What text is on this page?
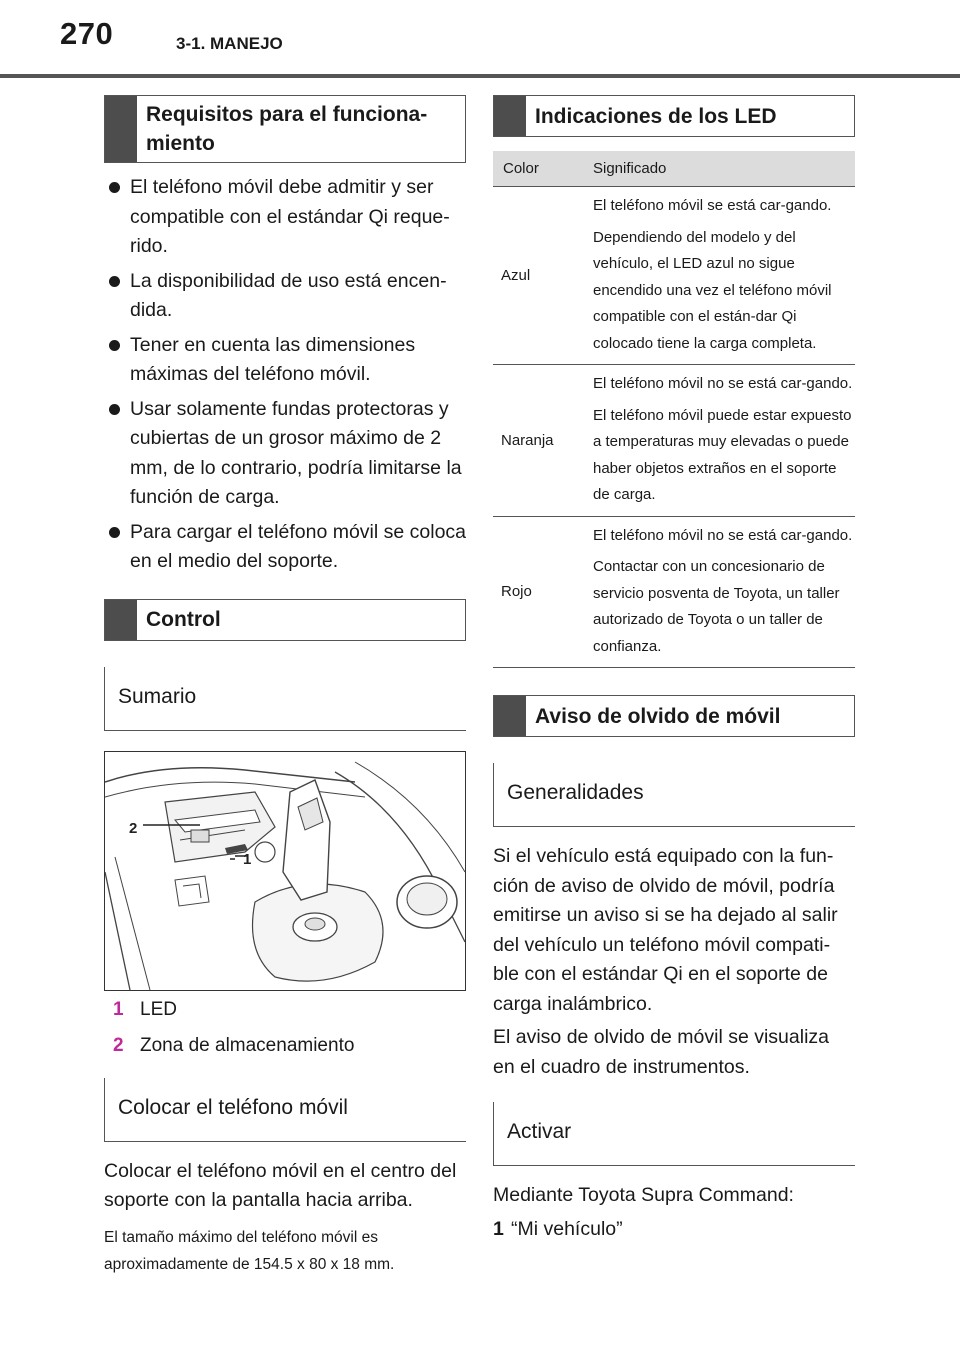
270	3-1. MANEJO
Requisitos para el funciona-
miento
El teléfono móvil debe admitir y ser compatible con el estándar Qi reque-rido.
La disponibilidad de uso está encen-dida.
Tener en cuenta las dimensiones máximas del teléfono móvil.
Usar solamente fundas protectoras y cubiertas de un grosor máximo de 2 mm, de lo contrario, podría limitarse la función de carga.
Para cargar el teléfono móvil se coloca en el medio del soporte.
Control
Sumario
2
1
1 LED
2 Zona de almacenamiento
Colocar el teléfono móvil

Colocar el teléfono móvil en el centro del soporte con la pantalla hacia arriba.

El tamaño máximo del teléfono móvil es aproximadamente de 154.5 x 80 x 18 mm.

Indicaciones de los LED
Color	Significado
Azul

El teléfono móvil se está car-gando.

Dependiendo del modelo y del vehículo, el LED azul no sigue encendido una vez el teléfono móvil compatible con el están-dar Qi colocado tiene la carga completa.

Naranja

El teléfono móvil no se está car-gando.

El teléfono móvil puede estar expuesto a temperaturas muy elevadas o puede haber objetos extraños en el soporte de carga.

Rojo

El teléfono móvil no se está car-gando.

Contactar con un concesionario de servicio posventa de Toyota, un taller autorizado de Toyota o un taller de confianza.

Aviso de olvido de móvil
Generalidades

Si el vehículo está equipado con la fun-ción de aviso de olvido de móvil, podría emitirse un aviso si se ha dejado al salir del vehículo un teléfono móvil compati-ble con el estándar Qi en el soporte de carga inalámbrico.

El aviso de olvido de móvil se visualiza en el cuadro de instrumentos.

Activar

Mediante Toyota Supra Command:

1 “Mi vehículo”
